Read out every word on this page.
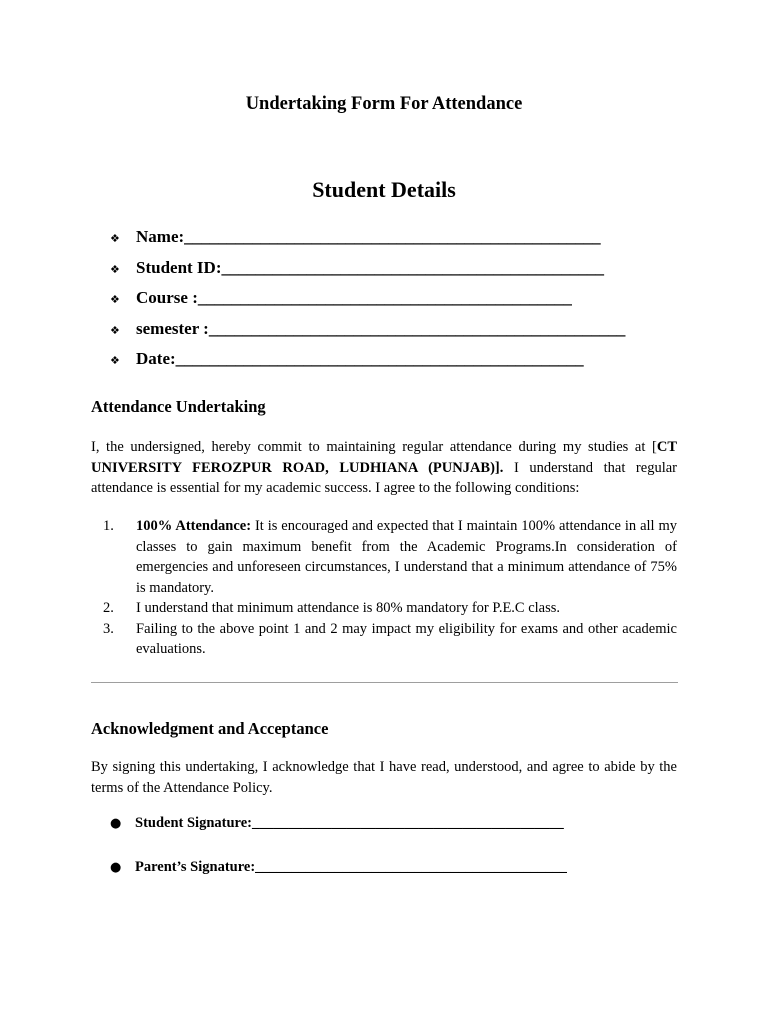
Undertaking Form For Attendance
Student Details
❖ Name: _________________________________________________
❖ Student ID: _____________________________________________
❖ Course : ____________________________________________
❖ semester : _________________________________________________
❖ Date: ________________________________________________
Attendance Undertaking

I, the undersigned, hereby commit to maintaining regular attendance during my studies at [CT UNIVERSITY FEROZPUR ROAD, LUDHIANA (PUNJAB)]. I understand that regular attendance is essential for my academic success. I agree to the following conditions:

1.	100% Attendance: It is encouraged and expected that I maintain 100% attendance in all my classes to gain maximum benefit from the Academic Programs.In consideration of emergencies and unforeseen circumstances, I understand that a minimum attendance of 75% is mandatory.
2.	I understand that minimum attendance is 80% mandatory for P.E.C class.
3.	Failing to the above point 1 and 2 may impact my eligibility for exams and other academic evaluations.
Acknowledgment and Acceptance

By signing this undertaking, I acknowledge that I have read, understood, and agree to abide by the terms of the Attendance Policy.

● Student Signature: ___________________________________________
● Parent’s Signature: ___________________________________________
